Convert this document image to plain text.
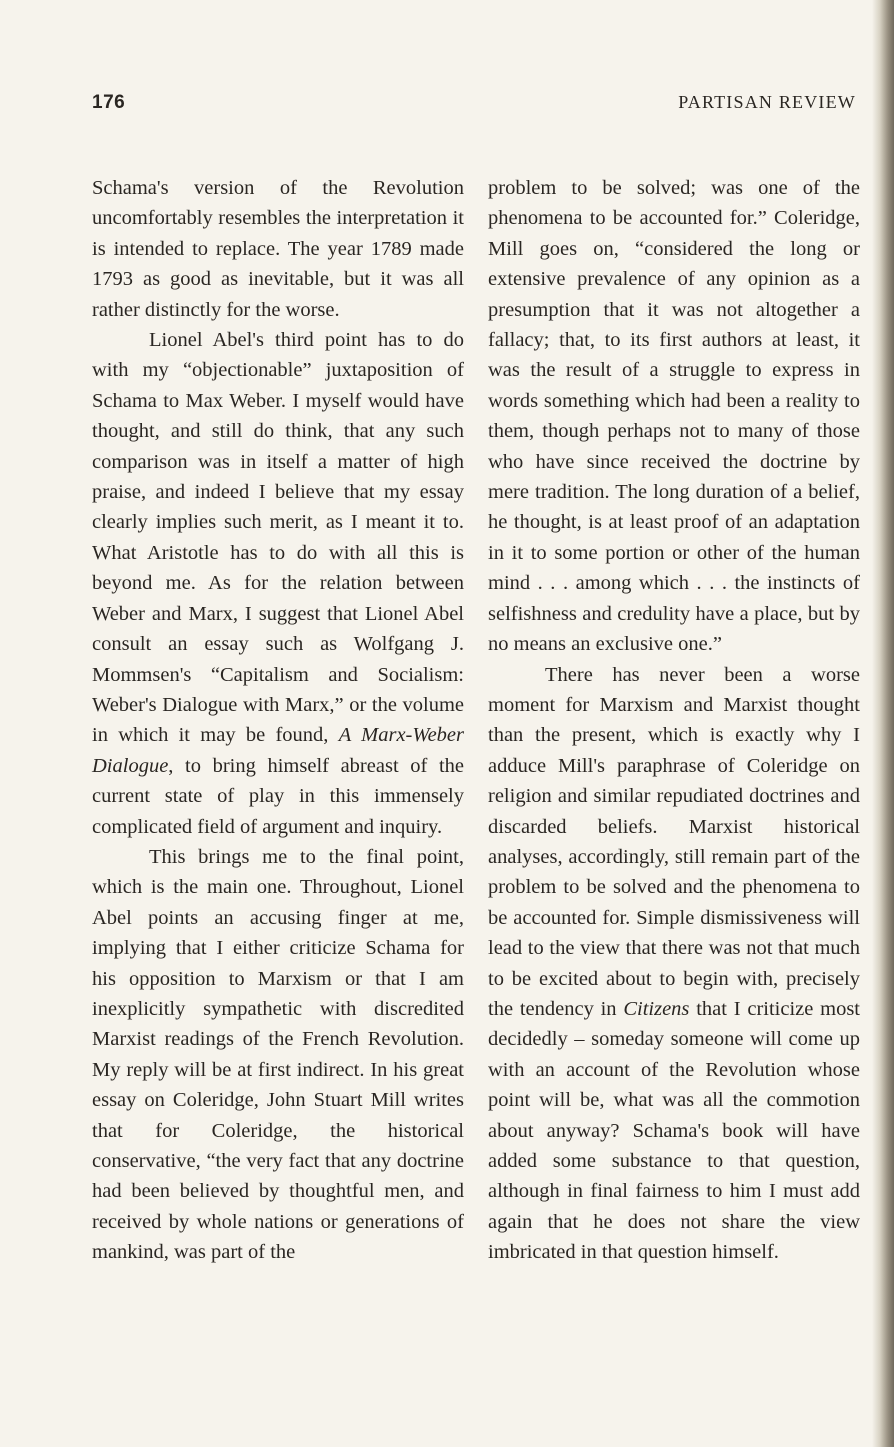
176	PARTISAN REVIEW

Schama's version of the Revolution uncomfortably resembles the interpretation it is intended to replace. The year 1789 made 1793 as good as inevitable, but it was all rather distinctly for the worse.

Lionel Abel's third point has to do with my “objectionable” juxtaposition of Schama to Max Weber. I myself would have thought, and still do think, that any such comparison was in itself a matter of high praise, and indeed I believe that my essay clearly implies such merit, as I meant it to. What Aristotle has to do with all this is beyond me. As for the relation between Weber and Marx, I suggest that Lionel Abel consult an essay such as Wolfgang J. Mommsen's “Capitalism and Socialism: Weber's Dialogue with Marx,” or the volume in which it may be found, A Marx-Weber Dialogue, to bring himself abreast of the current state of play in this immensely complicated field of argument and inquiry.

This brings me to the final point, which is the main one. Throughout, Lionel Abel points an accusing finger at me, implying that I either criticize Schama for his opposition to Marxism or that I am inexplicitly sympathetic with discredited Marxist readings of the French Revolution. My reply will be at first indirect. In his great essay on Coleridge, John Stuart Mill writes that for Coleridge, the historical conservative, “the very fact that any doctrine had been believed by thoughtful men, and received by whole nations or generations of mankind, was part of the

problem to be solved; was one of the phenomena to be accounted for.” Coleridge, Mill goes on, “considered the long or extensive prevalence of any opinion as a presumption that it was not altogether a fallacy; that, to its first authors at least, it was the result of a struggle to express in words something which had been a reality to them, though perhaps not to many of those who have since received the doctrine by mere tradition. The long duration of a belief, he thought, is at least proof of an adaptation in it to some portion or other of the human mind . . . among which . . . the instincts of selfishness and credulity have a place, but by no means an exclusive one.”

There has never been a worse moment for Marxism and Marxist thought than the present, which is exactly why I adduce Mill's paraphrase of Coleridge on religion and similar repudiated doctrines and discarded beliefs. Marxist historical analyses, accordingly, still remain part of the problem to be solved and the phenomena to be accounted for. Simple dismissiveness will lead to the view that there was not that much to be excited about to begin with, precisely the tendency in Citizens that I criticize most decidedly – someday someone will come up with an account of the Revolution whose point will be, what was all the commotion about anyway? Schama's book will have added some substance to that question, although in final fairness to him I must add again that he does not share the view imbricated in that question himself.
